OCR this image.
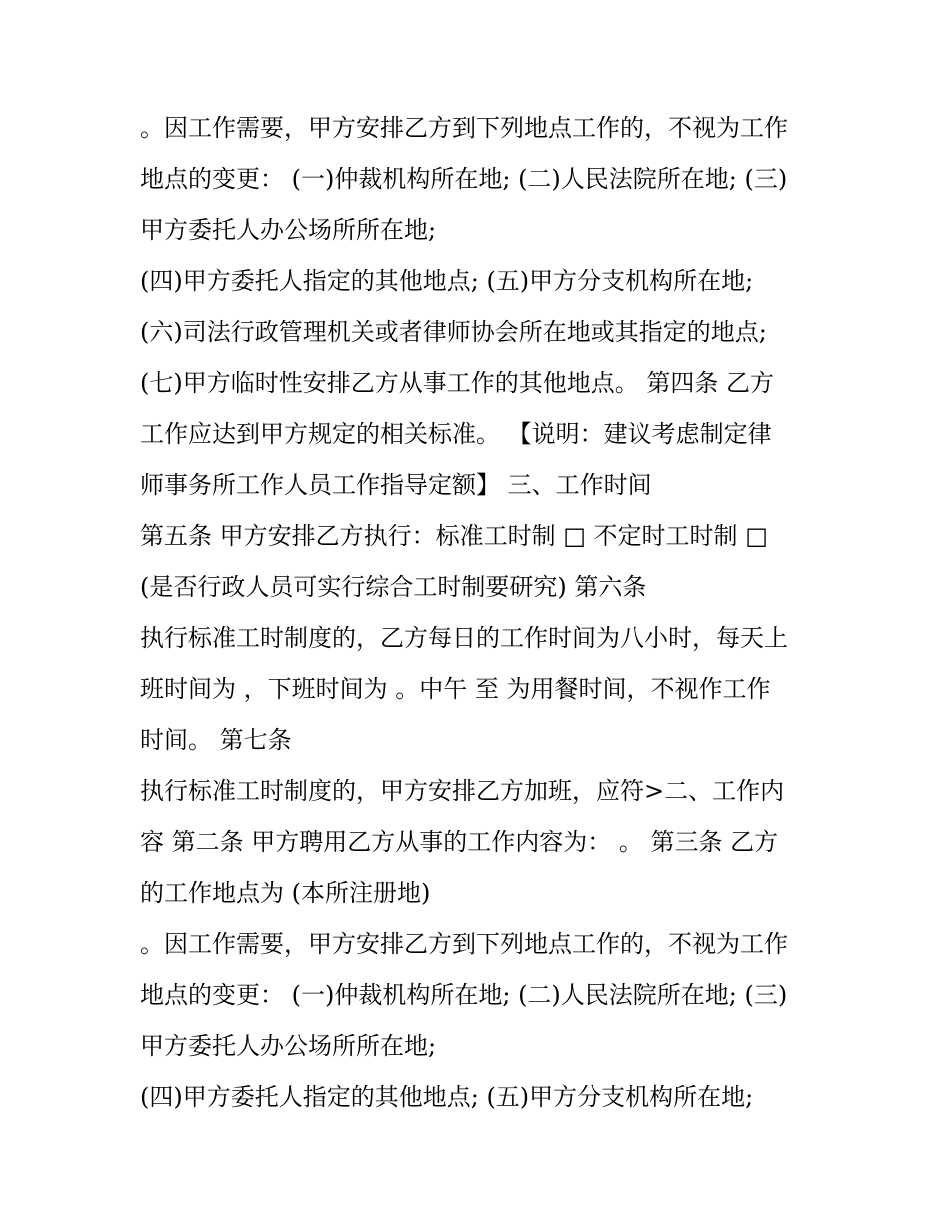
。因工作需要，甲方安排乙方到下列地点工作的，不视为工作
地点的变更： (一)仲裁机构所在地; (二)人民法院所在地; (三)
甲方委托人办公场所所在地;
(四)甲方委托人指定的其他地点; (五)甲方分支机构所在地;
(六)司法行政管理机关或者律师协会所在地或其指定的地点;
(七)甲方临时性安排乙方从事工作的其他地点。 第四条 乙方
工作应达到甲方规定的相关标准。 【说明：建议考虑制定律
师事务所工作人员工作指导定额】 三、工作时间
第五条 甲方安排乙方执行：标准工时制 □ 不定时工时制 □
(是否行政人员可实行综合工时制要研究) 第六条
执行标准工时制度的，乙方每日的工作时间为八小时，每天上
班时间为 ，下班时间为 。中午 至 为用餐时间，不视作工作
时间。 第七条
执行标准工时制度的，甲方安排乙方加班，应符>二、工作内
容 第二条 甲方聘用乙方从事的工作内容为： 。 第三条 乙方
的工作地点为 (本所注册地)
。因工作需要，甲方安排乙方到下列地点工作的，不视为工作
地点的变更： (一)仲裁机构所在地; (二)人民法院所在地; (三)
甲方委托人办公场所所在地;
(四)甲方委托人指定的其他地点; (五)甲方分支机构所在地;
